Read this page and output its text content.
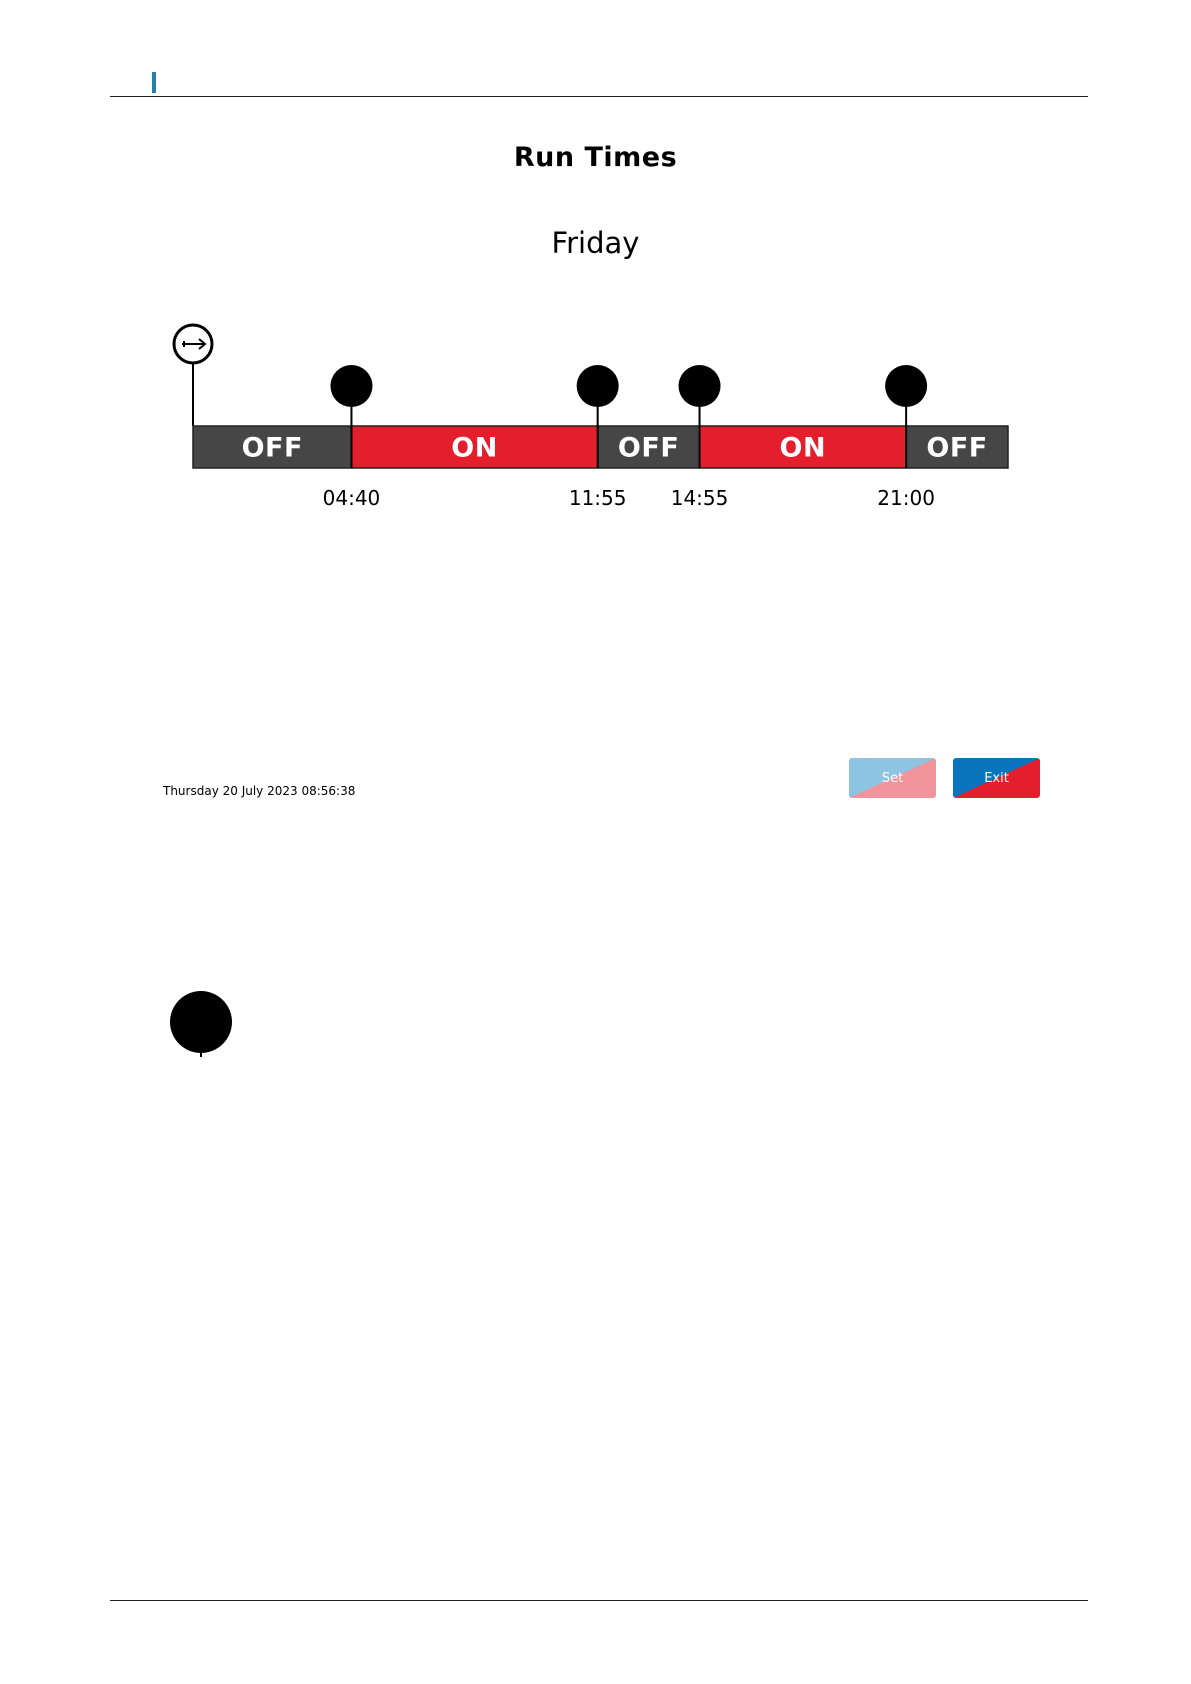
Run Times
Friday
OFF	ON	OFF	ON	OFF
04:40	11:55 14:55	21:00
Thursday 20 July 2023 08:56:38
Set	Exit
